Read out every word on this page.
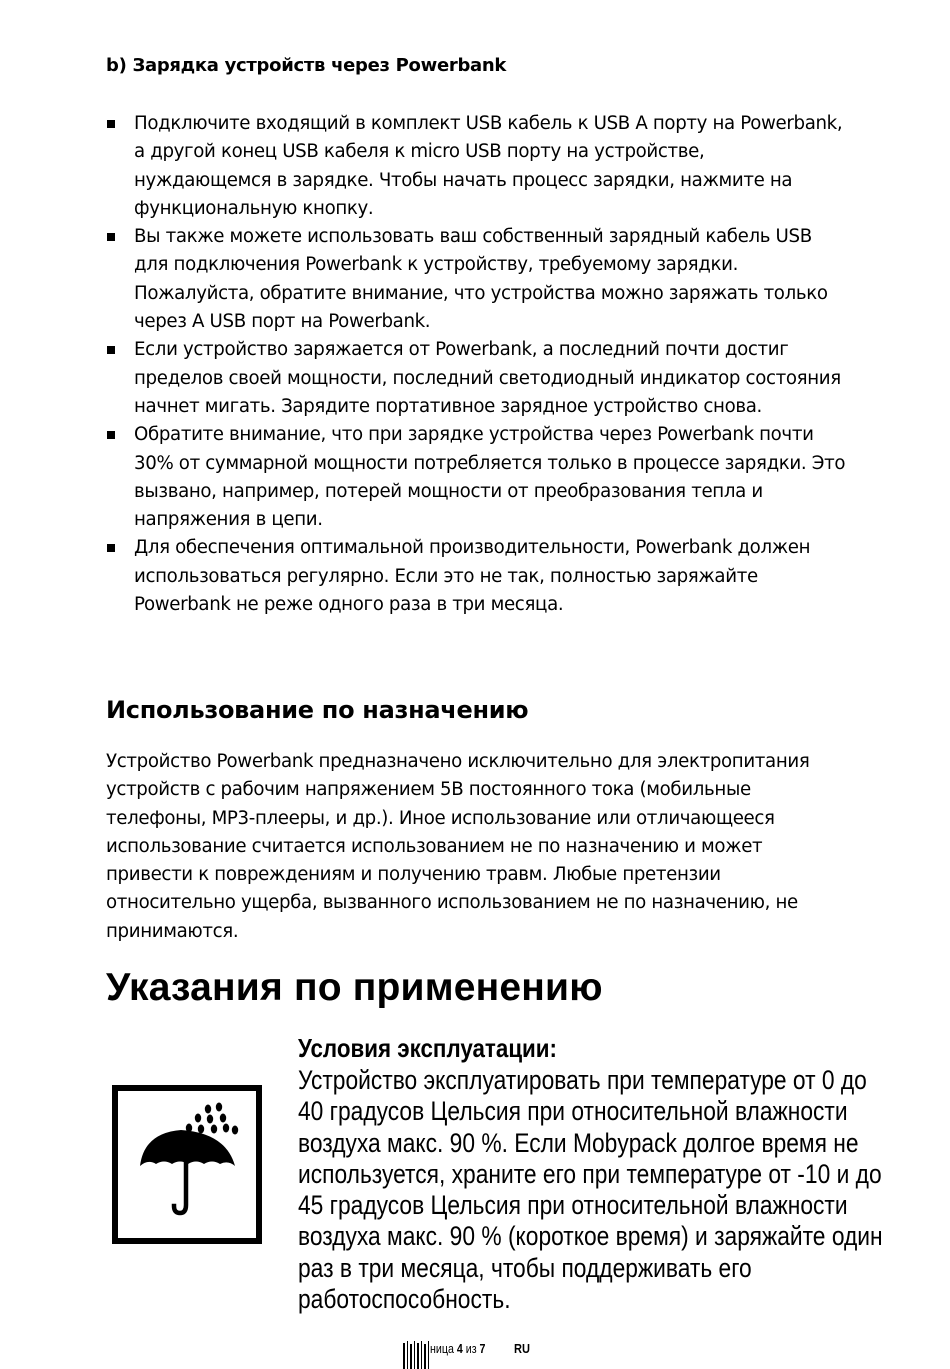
b) Зарядка устройств через Powerbank
Подключите входящий в комплект USB кабель к USB A порту на Powerbank, а другой конец USB кабеля к micro USB порту на устройстве, нуждающемся в зарядке. Чтобы начать процесс зарядки, нажмите на функциональную кнопку.
Вы также можете использовать ваш собственный зарядный кабель USB для подключения Powerbank к устройству, требуемому зарядки. Пожалуйста, обратите внимание, что устройства можно заряжать только через A USB порт на Powerbank.
Если устройство заряжается от Powerbank, а последний почти достиг пределов своей мощности, последний светодиодный индикатор состояния начнет мигать. Зарядите портативное зарядное устройство снова.
Обратите внимание, что при зарядке устройства через Powerbank почти 30% от суммарной мощности потребляется только в процессе зарядки. Это вызвано, например, потерей мощности от преобразования тепла и напряжения в цепи.
Для обеспечения оптимальной производительности, Powerbank должен использоваться регулярно. Если это не так, полностью заряжайте Powerbank не реже одного раза в три месяца.
Использование по назначению
Устройство Powerbank предназначено исключительно для электропитания устройств с рабочим напряжением 5В постоянного тока (мобильные телефоны, MP3-плееры, и др.). Иное использование или отличающееся использование считается использованием не по назначению и может привести к повреждениям и получению травм. Любые претензии относительно ущерба, вызванного использованием не по назначению, не принимаются.
Указания по применению
Условия эксплуатации:
Устройство эксплуатировать при температуре от 0 до 40 градусов Цельсия при относительной влажности воздуха макс. 90 %. Если Mobypack долгое время не используется, храните его при температуре от -10 и до 45 градусов Цельсия при относительной влажности воздуха макс. 90 % (короткое время) и заряжайте один раз в три месяца, чтобы поддерживать его работоспособность.
ница 4 из 7 RU
